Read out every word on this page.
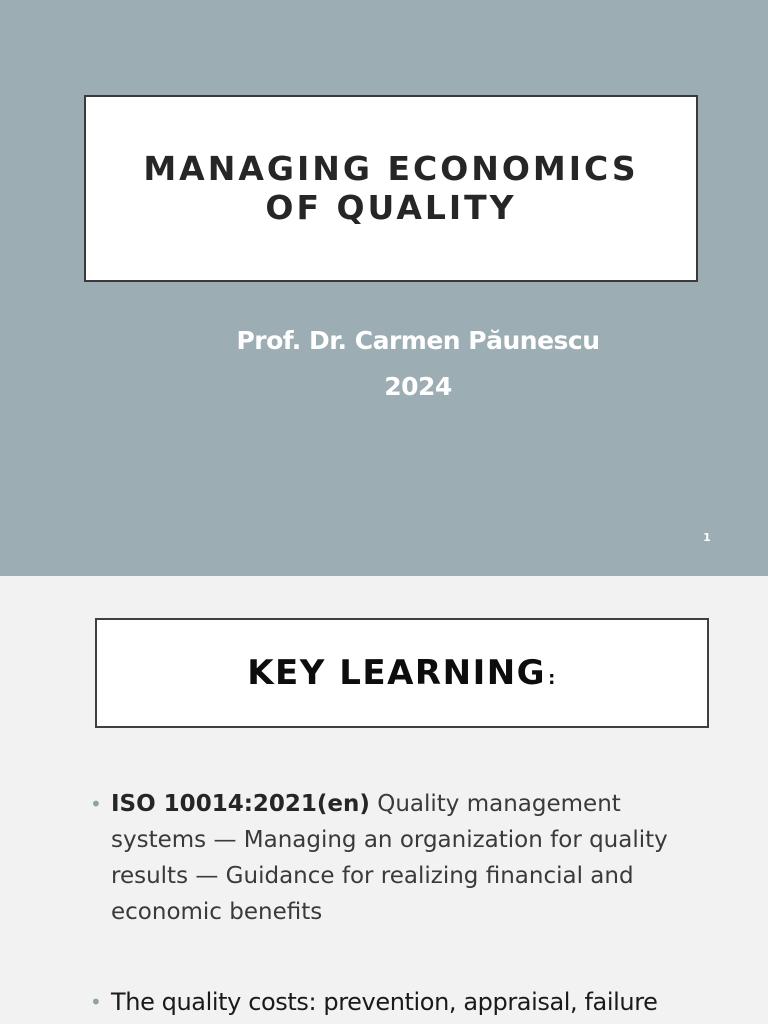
MANAGING ECONOMICS
OF QUALITY
Prof. Dr. Carmen Păunescu
2024
1
KEY LEARNING :
• ISO 10014:2021(en) Quality management systems — Managing an organization for quality results — Guidance for realizing financial and economic benefits
• The quality costs: prevention, appraisal, failure
